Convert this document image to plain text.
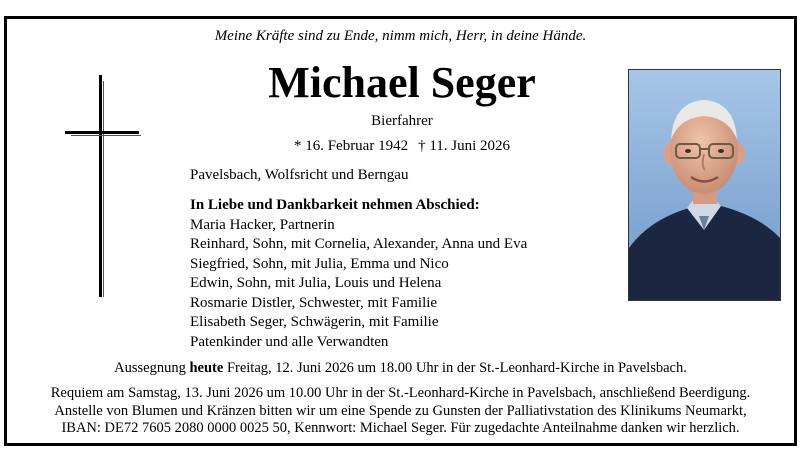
Meine Kräfte sind zu Ende, nimm mich, Herr, in deine Hände.
Michael Seger
Bierfahrer
* 16. Februar 1942 † 11. Juni 2026
Pavelsbach, Wolfsricht und Berngau
In Liebe und Dankbarkeit nehmen Abschied:
Maria Hacker, Partnerin
Reinhard, Sohn, mit Cornelia, Alexander, Anna und Eva
Siegfried, Sohn, mit Julia, Emma und Nico
Edwin, Sohn, mit Julia, Louis und Helena
Rosmarie Distler, Schwester, mit Familie
Elisabeth Seger, Schwägerin, mit Familie
Patenkinder und alle Verwandten
Aussegnung heute Freitag, 12. Juni 2026 um 18.00 Uhr in der St.-Leonhard-Kirche in Pavelsbach.
Requiem am Samstag, 13. Juni 2026 um 10.00 Uhr in der St.-Leonhard-Kirche in Pavelsbach, anschließend Beerdigung.
Anstelle von Blumen und Kränzen bitten wir um eine Spende zu Gunsten der Palliativstation des Klinikums Neumarkt,
IBAN: DE72 7605 2080 0000 0025 50, Kennwort: Michael Seger. Für zugedachte Anteilnahme danken wir herzlich.
